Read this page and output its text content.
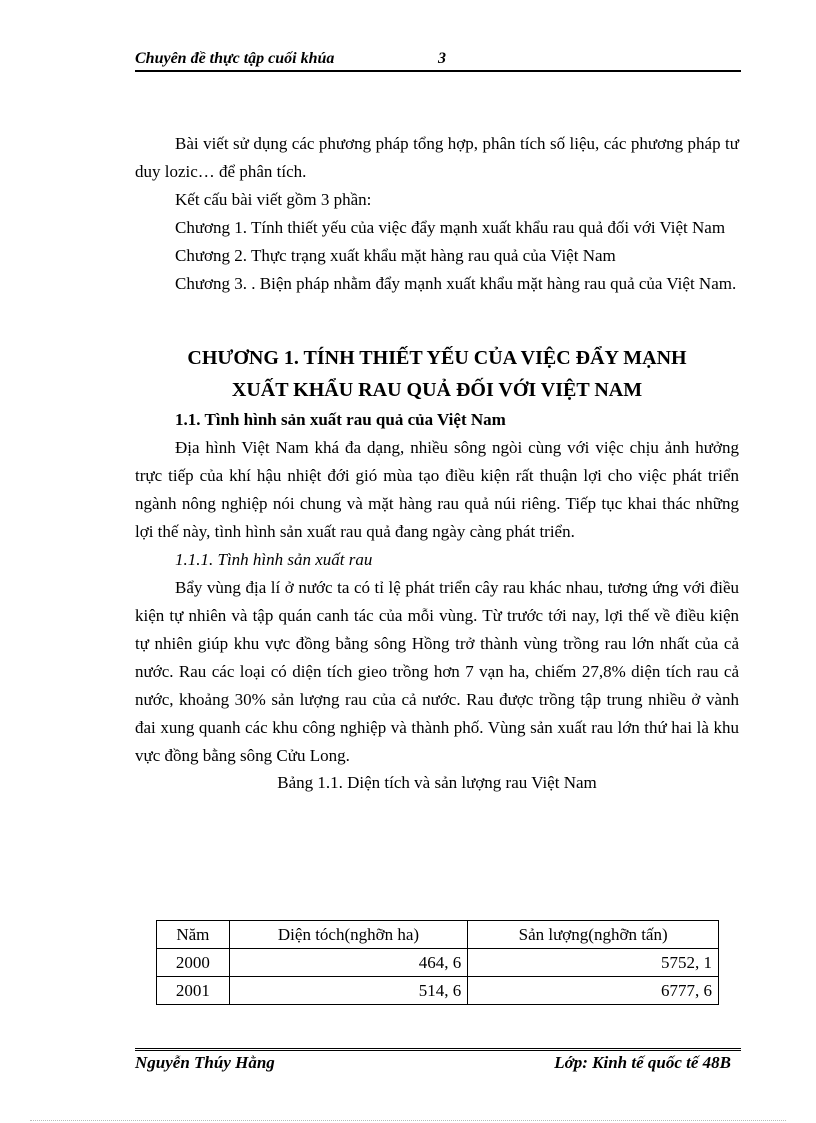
Chuyên đề thực tập cuối khúa	3

Bài viết sử dụng các phương pháp tổng hợp, phân tích số liệu, các phương pháp tư duy lozic… để phân tích.

Kết cấu bài viết gồm 3 phần:

Chương 1. Tính thiết yếu của việc đẩy mạnh xuất khẩu rau quả đối với Việt Nam

Chương 2. Thực trạng xuất khẩu mặt hàng rau quả của Việt Nam

Chương 3. . Biện pháp nhằm đẩy mạnh xuất khẩu mặt hàng rau quả của Việt Nam.

CHƯƠNG 1. TÍNH THIẾT YẾU CỦA VIỆC ĐẨY MẠNH

XUẤT KHẨU RAU QUẢ ĐỐI VỚI VIỆT NAM

1.1. Tình hình sản xuất rau quả của Việt Nam

Địa hình Việt Nam khá đa dạng, nhiều sông ngòi cùng với việc chịu ảnh hưởng trực tiếp của khí hậu nhiệt đới gió mùa tạo điều kiện rất thuận lợi cho việc phát triển ngành nông nghiệp nói chung và mặt hàng rau quả núi riêng. Tiếp tục khai thác những lợi thế này, tình hình sản xuất rau quả đang ngày càng phát triển.

1.1.1. Tình hình sản xuất rau

Bẩy vùng địa lí ở nước ta có tỉ lệ phát triển cây rau khác nhau, tương ứng với điều kiện tự nhiên và tập quán canh tác của mỗi vùng. Từ trước tới nay, lợi thế về điều kiện tự nhiên giúp khu vực đồng bằng sông Hồng trở thành vùng trồng rau lớn nhất của cả nước. Rau các loại có diện tích gieo trồng hơn 7 vạn ha, chiếm 27,8% diện tích rau cả nước, khoảng 30% sản lượng rau của cả nước. Rau được trồng tập trung nhiều ở vành đai xung quanh các khu công nghiệp và thành phố. Vùng sản xuất rau lớn thứ hai là khu vực đồng bằng sông Cửu Long.

Bảng 1.1. Diện tích và sản lượng rau Việt Nam

Năm	Diện tóch(nghỡn ha)	Sản lượng(nghỡn tấn)
2000	464, 6	5752, 1
2001	514, 6	6777, 6
Nguyễn Thúy Hằng	Lớp: Kinh tế quốc tế 48B
